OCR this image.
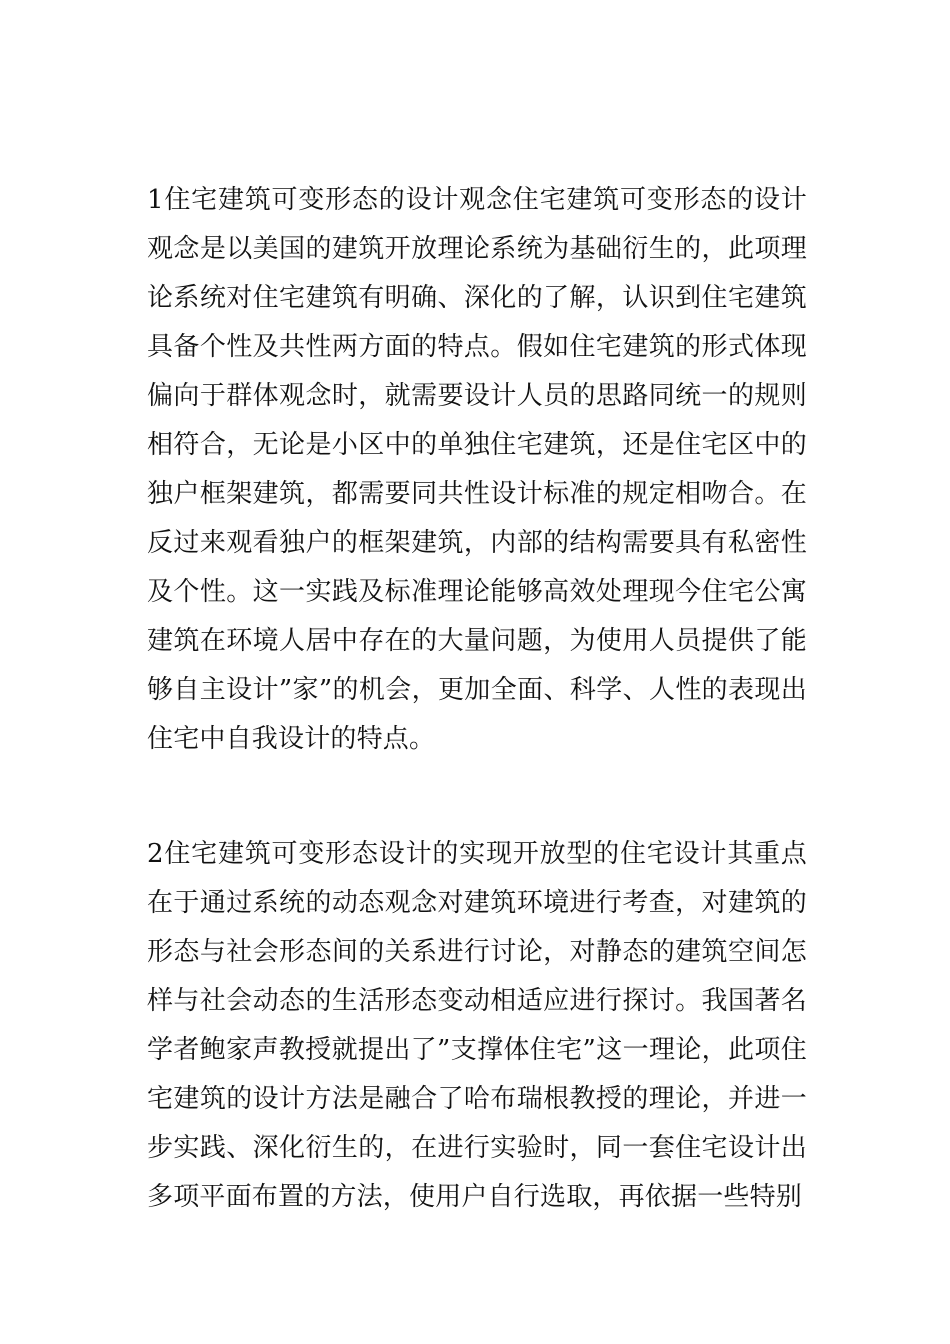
1住宅建筑可变形态的设计观念住宅建筑可变形态的设计观念是以美国的建筑开放理论系统为基础衍生的，此项理论系统对住宅建筑有明确、深化的了解，认识到住宅建筑具备个性及共性两方面的特点。假如住宅建筑的形式体现偏向于群体观念时，就需要设计人员的思路同统一的规则相符合，无论是小区中的单独住宅建筑，还是住宅区中的独户框架建筑，都需要同共性设计标准的规定相吻合。在反过来观看独户的框架建筑，内部的结构需要具有私密性及个性。这一实践及标准理论能够高效处理现今住宅公寓建筑在环境人居中存在的大量问题，为使用人员提供了能够自主设计”家”的机会，更加全面、科学、人性的表现出住宅中自我设计的特点。

2住宅建筑可变形态设计的实现开放型的住宅设计其重点在于通过系统的动态观念对建筑环境进行考查，对建筑的形态与社会形态间的关系进行讨论，对静态的建筑空间怎样与社会动态的生活形态变动相适应进行探讨。我国著名学者鲍家声教授就提出了”支撑体住宅”这一理论，此项住宅建筑的设计方法是融合了哈布瑞根教授的理论，并进一步实践、深化衍生的，在进行实验时，同一套住宅设计出多项平面布置的方法，使用户自行选取，再依据一些特别
